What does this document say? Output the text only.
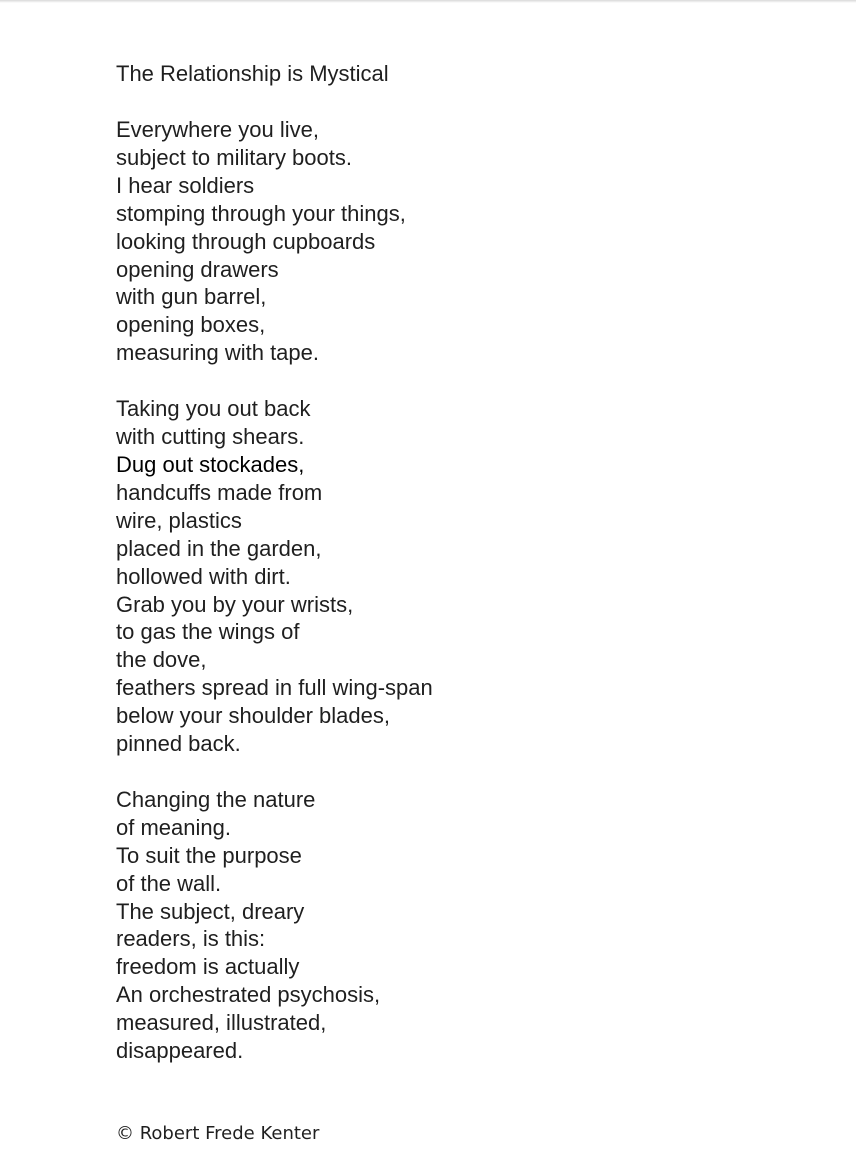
The Relationship is Mystical
Everywhere you live,
subject to military boots.
I hear soldiers
stomping through your things,
looking through cupboards
opening drawers
with gun barrel,
opening boxes,
measuring with tape.
Taking you out back
with cutting shears.
Dug out stockades,
handcuffs made from
wire, plastics
placed in the garden,
hollowed with dirt.
Grab you by your wrists,
to gas the wings of
the dove,
feathers spread in full wing-span
below your shoulder blades,
pinned back.
Changing the nature
of meaning.
To suit the purpose
of the wall.
The subject, dreary
readers, is this:
freedom is actually
An orchestrated psychosis,
measured, illustrated,
disappeared.
© Robert Frede Kenter
